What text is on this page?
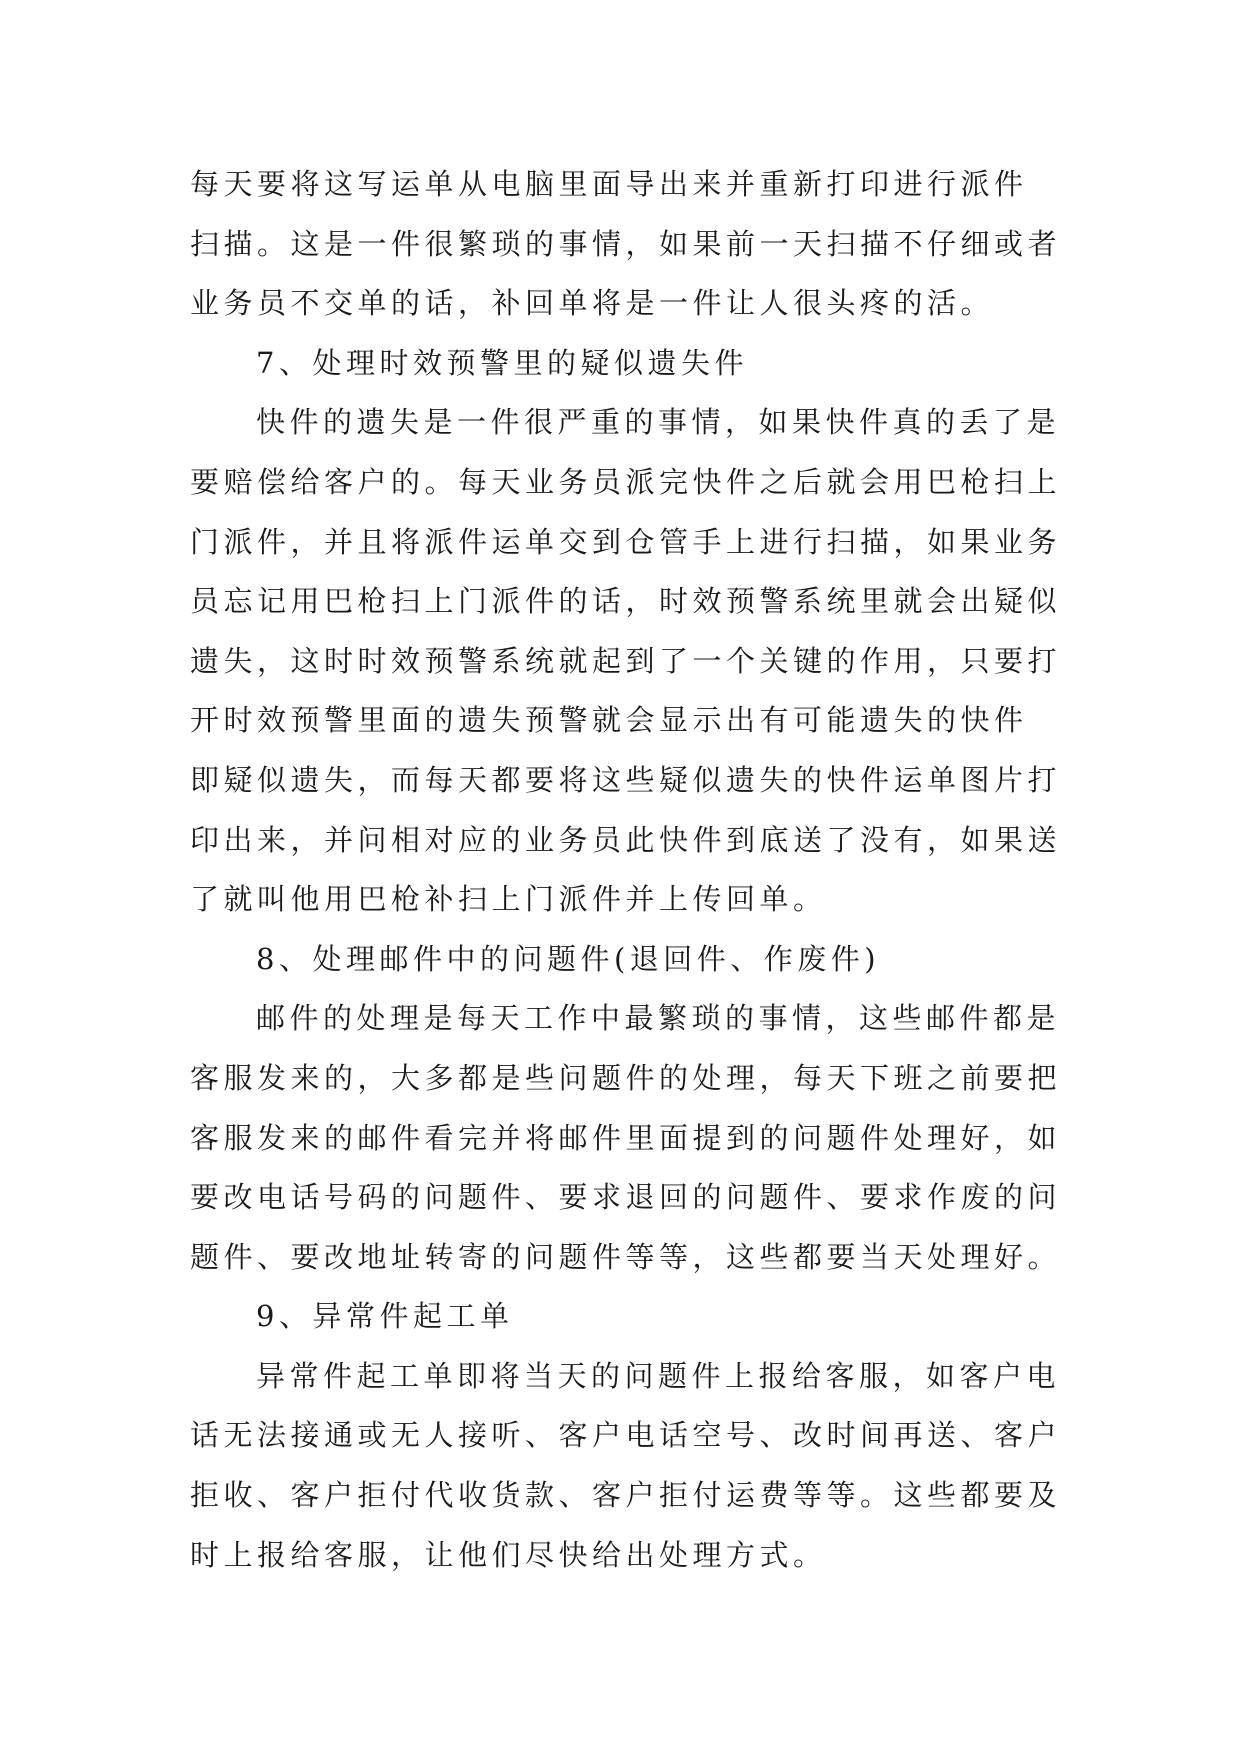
每天要将这写运单从电脑里面导出来并重新打印进行派件
扫描。这是一件很繁琐的事情，如果前一天扫描不仔细或者
业务员不交单的话，补回单将是一件让人很头疼的活。
7、处理时效预警里的疑似遗失件
快件的遗失是一件很严重的事情，如果快件真的丢了是
要赔偿给客户的。每天业务员派完快件之后就会用巴枪扫上
门派件，并且将派件运单交到仓管手上进行扫描，如果业务
员忘记用巴枪扫上门派件的话，时效预警系统里就会出疑似
遗失，这时时效预警系统就起到了一个关键的作用，只要打
开时效预警里面的遗失预警就会显示出有可能遗失的快件
即疑似遗失，而每天都要将这些疑似遗失的快件运单图片打
印出来，并问相对应的业务员此快件到底送了没有，如果送
了就叫他用巴枪补扫上门派件并上传回单。
8、处理邮件中的问题件(退回件、作废件)
邮件的处理是每天工作中最繁琐的事情，这些邮件都是
客服发来的，大多都是些问题件的处理，每天下班之前要把
客服发来的邮件看完并将邮件里面提到的问题件处理好，如
要改电话号码的问题件、要求退回的问题件、要求作废的问
题件、要改地址转寄的问题件等等，这些都要当天处理好。
9、异常件起工单
异常件起工单即将当天的问题件上报给客服，如客户电
话无法接通或无人接听、客户电话空号、改时间再送、客户
拒收、客户拒付代收货款、客户拒付运费等等。这些都要及
时上报给客服，让他们尽快给出处理方式。
